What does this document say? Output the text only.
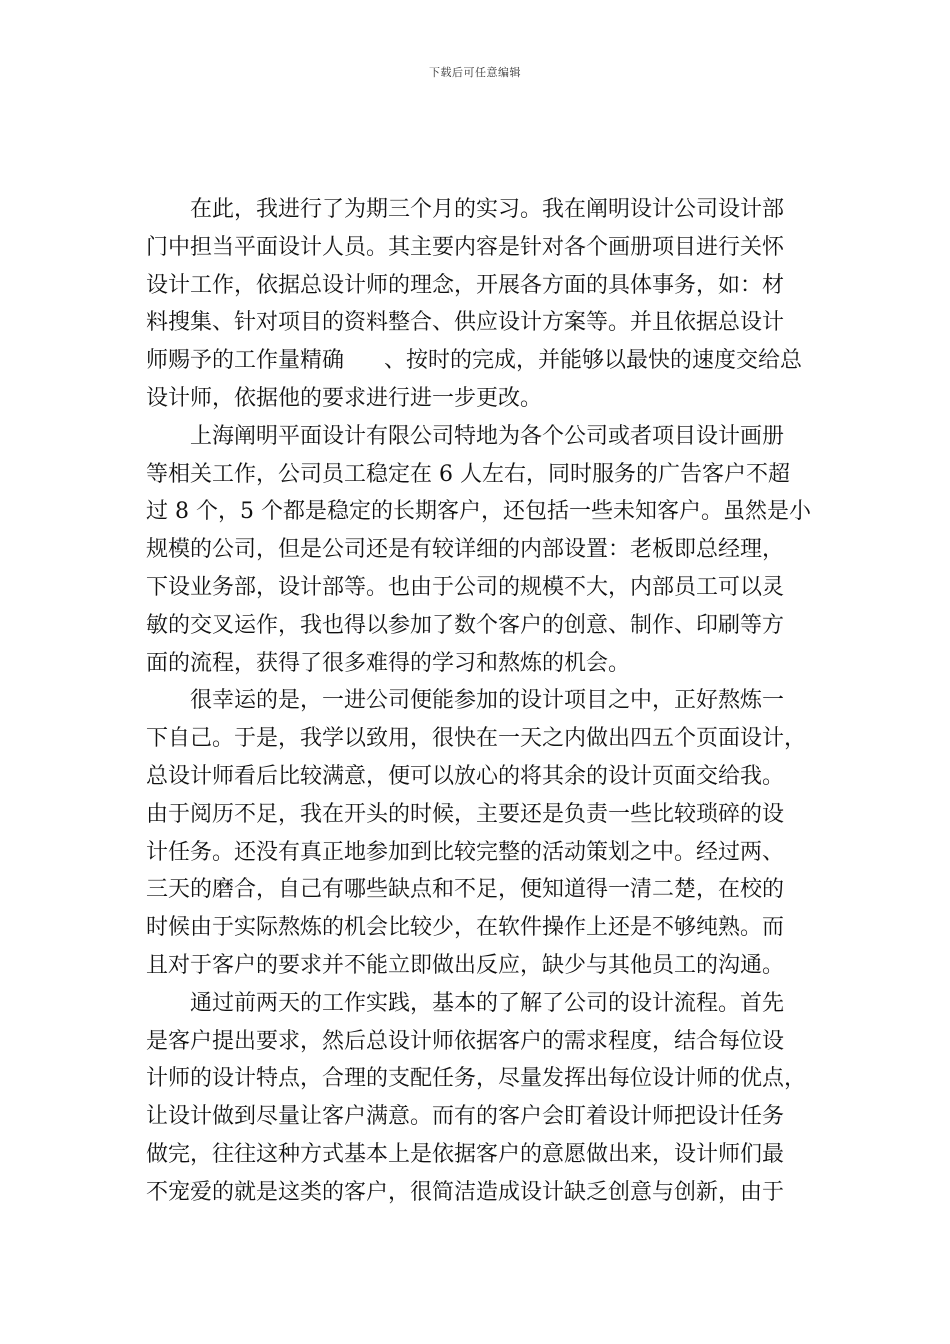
下载后可任意编辑
在此，我进行了为期三个月的实习。我在阐明设计公司设计部
门中担当平面设计人员。其主要内容是针对各个画册项目进行关怀
设计工作，依据总设计师的理念，开展各方面的具体事务，如：材
料搜集、针对项目的资料整合、供应设计方案等。并且依据总设计
师赐予的工作量精确 、按时的完成，并能够以最快的速度交给总
设计师，依据他的要求进行进一步更改。
上海阐明平面设计有限公司特地为各个公司或者项目设计画册
等相关工作，公司员工稳定在 6 人左右，同时服务的广告客户不超
过 8 个，5 个都是稳定的长期客户，还包括一些未知客户。虽然是小
规模的公司，但是公司还是有较详细的内部设置：老板即总经理，
下设业务部，设计部等。也由于公司的规模不大，内部员工可以灵
敏的交叉运作，我也得以参加了数个客户的创意、制作、印刷等方
面的流程，获得了很多难得的学习和熬炼的机会。
很幸运的是，一进公司便能参加的设计项目之中，正好熬炼一
下自己。于是，我学以致用，很快在一天之内做出四五个页面设计，
总设计师看后比较满意，便可以放心的将其余的设计页面交给我。
由于阅历不足，我在开头的时候，主要还是负责一些比较琐碎的设
计任务。还没有真正地参加到比较完整的活动策划之中。经过两、
三天的磨合，自己有哪些缺点和不足，便知道得一清二楚，在校的
时候由于实际熬炼的机会比较少，在软件操作上还是不够纯熟。而
且对于客户的要求并不能立即做出反应，缺少与其他员工的沟通。
通过前两天的工作实践，基本的了解了公司的设计流程。首先
是客户提出要求，然后总设计师依据客户的需求程度，结合每位设
计师的设计特点，合理的支配任务，尽量发挥出每位设计师的优点，
让设计做到尽量让客户满意。而有的客户会盯着设计师把设计任务
做完，往往这种方式基本上是依据客户的意愿做出来，设计师们最
不宠爱的就是这类的客户，很简洁造成设计缺乏创意与创新，由于
